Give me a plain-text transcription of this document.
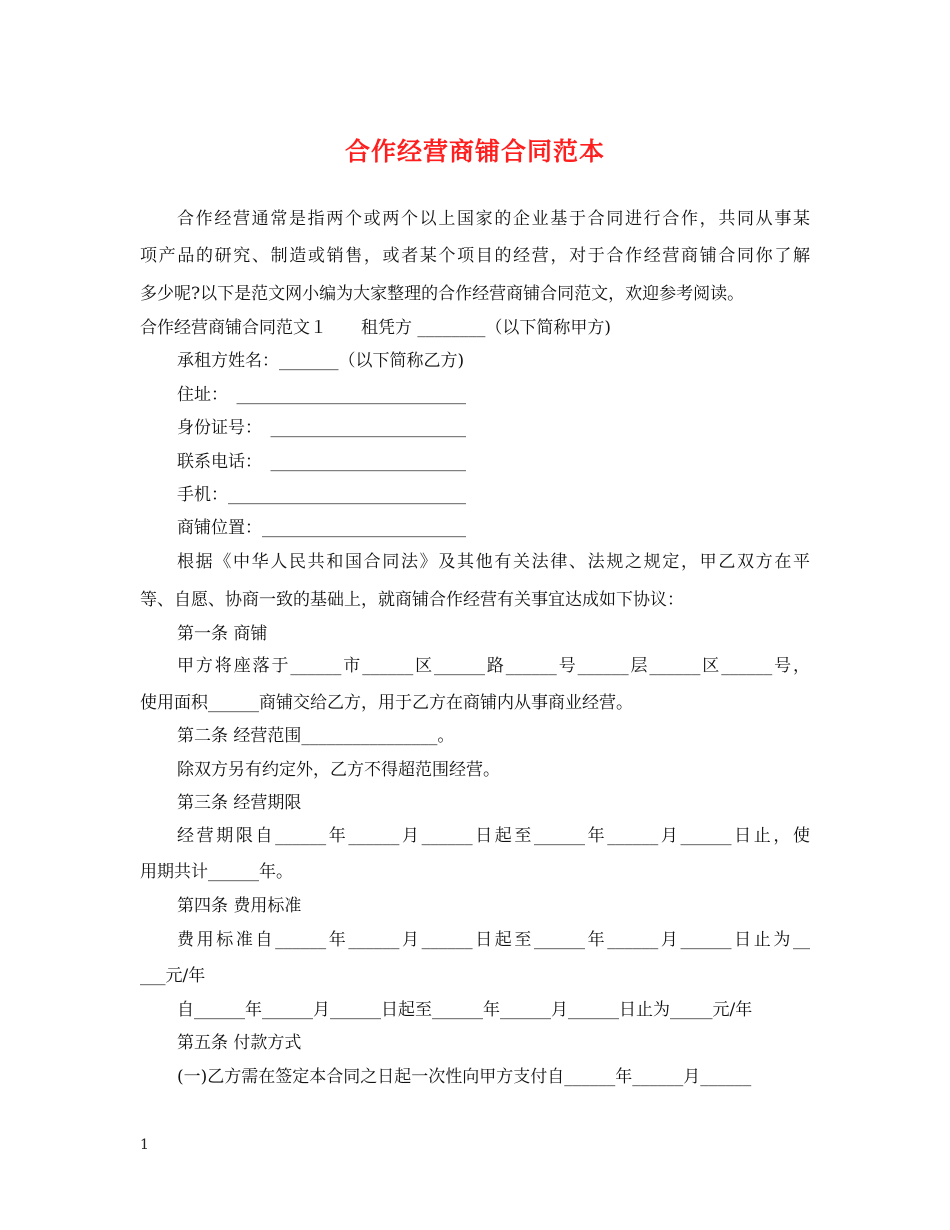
合作经营商铺合同范本
合作经营通常是指两个或两个以上国家的企业基于合同进行合作，共同从事某
项产品的研究、制造或销售，或者某个项目的经营，对于合作经营商铺合同你了解
多少呢?以下是范文网小编为大家整理的合作经营商铺合同范文，欢迎参考阅读。
合作经营商铺合同范文１　　租凭方 ________（以下简称甲方)
承租方姓名：_______（以下简称乙方)
住址：　___________________________
身份证号：　_______________________
联系电话：　_______________________
手机：____________________________
商铺位置：________________________
根据《中华人民共和国合同法》及其他有关法律、法规之规定，甲乙双方在平
等、自愿、协商一致的基础上，就商铺合作经营有关事宜达成如下协议：
第一条 商铺
甲方将座落于______市______区______路______号______层______区______号，
使用面积______商铺交给乙方，用于乙方在商铺内从事商业经营。
第二条 经营范围________________。
除双方另有约定外，乙方不得超范围经营。
第三条 经营期限
经营期限自______年______月______日起至______年______月______日止，使
用期共计______年。
第四条 费用标准
费用标准自______年______月______日起至______年______月______日止为__
___元/年
自______年______月______日起至______年______月______日止为_____元/年
第五条 付款方式
(一)乙方需在签定本合同之日起一次性向甲方支付自______年______月______
1
